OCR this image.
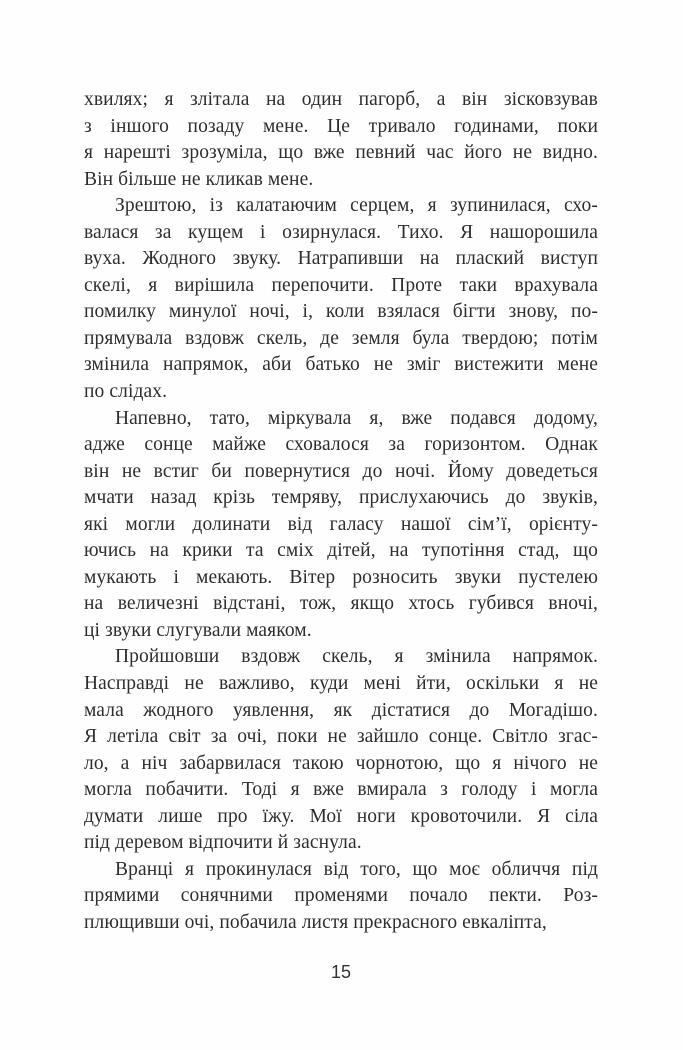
хвилях; я злітала на один пагорб, а він зісковзував
з іншого позаду мене. Це тривало годинами, поки
я нарешті зрозуміла, що вже певний час його не видно.
Він більше не кликав мене.
Зрештою, із калатаючим серцем, я зупинилася, схо-
валася за кущем і озирнулася. Тихо. Я нашорошила
вуха. Жодного звуку. Натрапивши на плаский виступ
скелі, я вирішила перепочити. Проте таки врахувала
помилку минулої ночі, і, коли взялася бігти знову, по-
прямувала вздовж скель, де земля була твердою; потім
змінила напрямок, аби батько не зміг вистежити мене
по слідах.
Напевно, тато, міркувала я, вже подався додому,
адже сонце майже сховалося за горизонтом. Однак
він не встиг би повернутися до ночі. Йому доведеться
мчати назад крізь темряву, прислухаючись до звуків,
які могли долинати від галасу нашої сім’ї, орієнту-
ючись на крики та сміх дітей, на тупотіння стад, що
мукають і мекають. Вітер розносить звуки пустелею
на величезні відстані, тож, якщо хтось губився вночі,
ці звуки слугували маяком.
Пройшовши вздовж скель, я змінила напрямок.
Насправді не важливо, куди мені йти, оскільки я не
мала жодного уявлення, як дістатися до Могадішо.
Я летіла світ за очі, поки не зайшло сонце. Світло згас-
ло, а ніч забарвилася такою чорнотою, що я нічого не
могла побачити. Тоді я вже вмирала з голоду і могла
думати лише про їжу. Мої ноги кровоточили. Я сіла
під деревом відпочити й заснула.
Вранці я прокинулася від того, що моє обличчя під
прямими сонячними променями почало пекти. Роз-
плющивши очі, побачила листя прекрасного евкаліпта,
15
